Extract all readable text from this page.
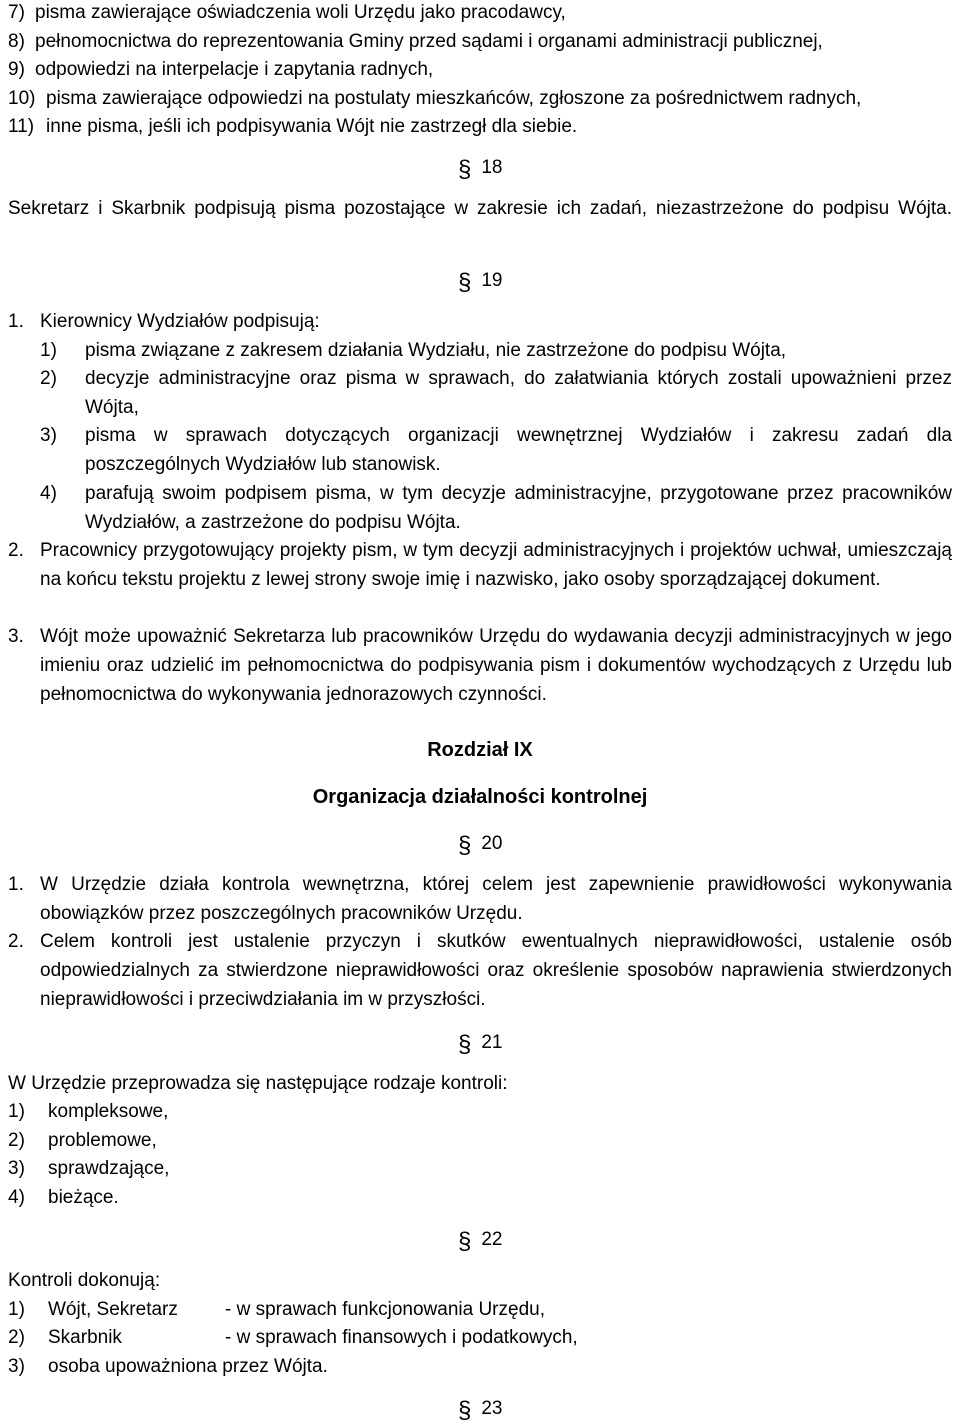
7) pisma zawierające oświadczenia woli Urzędu jako pracodawcy,
8) pełnomocnictwa do reprezentowania Gminy przed sądami i organami administracji publicznej,
9) odpowiedzi na interpelacje i zapytania radnych,
10) pisma zawierające odpowiedzi na postulaty mieszkańców, zgłoszone za pośrednictwem radnych,
11) inne pisma, jeśli ich podpisywania Wójt nie zastrzegł dla siebie.
§ 18
Sekretarz i Skarbnik podpisują pisma pozostające w zakresie ich zadań, niezastrzeżone do podpisu Wójta.
§ 19
1. Kierownicy Wydziałów podpisują:
1) pisma związane z zakresem działania Wydziału, nie zastrzeżone do podpisu Wójta,
2) decyzje administracyjne oraz pisma w sprawach, do załatwiania których zostali upoważnieni przez Wójta,
3) pisma w sprawach dotyczących organizacji wewnętrznej Wydziałów i zakresu zadań dla poszczególnych Wydziałów lub stanowisk.
4) parafują swoim podpisem pisma, w tym decyzje administracyjne, przygotowane przez pracowników Wydziałów, a zastrzeżone do podpisu Wójta.
2. Pracownicy przygotowujący projekty pism, w tym decyzji administracyjnych i projektów uchwał, umieszczają na końcu tekstu projektu z lewej strony swoje imię i nazwisko, jako osoby sporządzającej dokument.
3. Wójt może upoważnić Sekretarza lub pracowników Urzędu do wydawania decyzji administracyjnych w jego imieniu oraz udzielić im pełnomocnictwa do podpisywania pism i dokumentów wychodzących z Urzędu lub pełnomocnictwa do wykonywania jednorazowych czynności.
Rozdział IX
Organizacja działalności kontrolnej
§ 20
1. W Urzędzie działa kontrola wewnętrzna, której celem jest zapewnienie prawidłowości wykonywania obowiązków przez poszczególnych pracowników Urzędu.
2. Celem kontroli jest ustalenie przyczyn i skutków ewentualnych nieprawidłowości, ustalenie osób odpowiedzialnych za stwierdzone nieprawidłowości oraz określenie sposobów naprawienia stwierdzonych nieprawidłowości i przeciwdziałania im w przyszłości.
§ 21
W Urzędzie przeprowadza się następujące rodzaje kontroli:
1) kompleksowe,
2) problemowe,
3) sprawdzające,
4) bieżące.
§ 22
Kontroli dokonują:
1) Wójt, Sekretarz - w sprawach funkcjonowania Urzędu,
2) Skarbnik	- w sprawach finansowych i podatkowych,
3) osoba upoważniona przez Wójta.
§ 23
